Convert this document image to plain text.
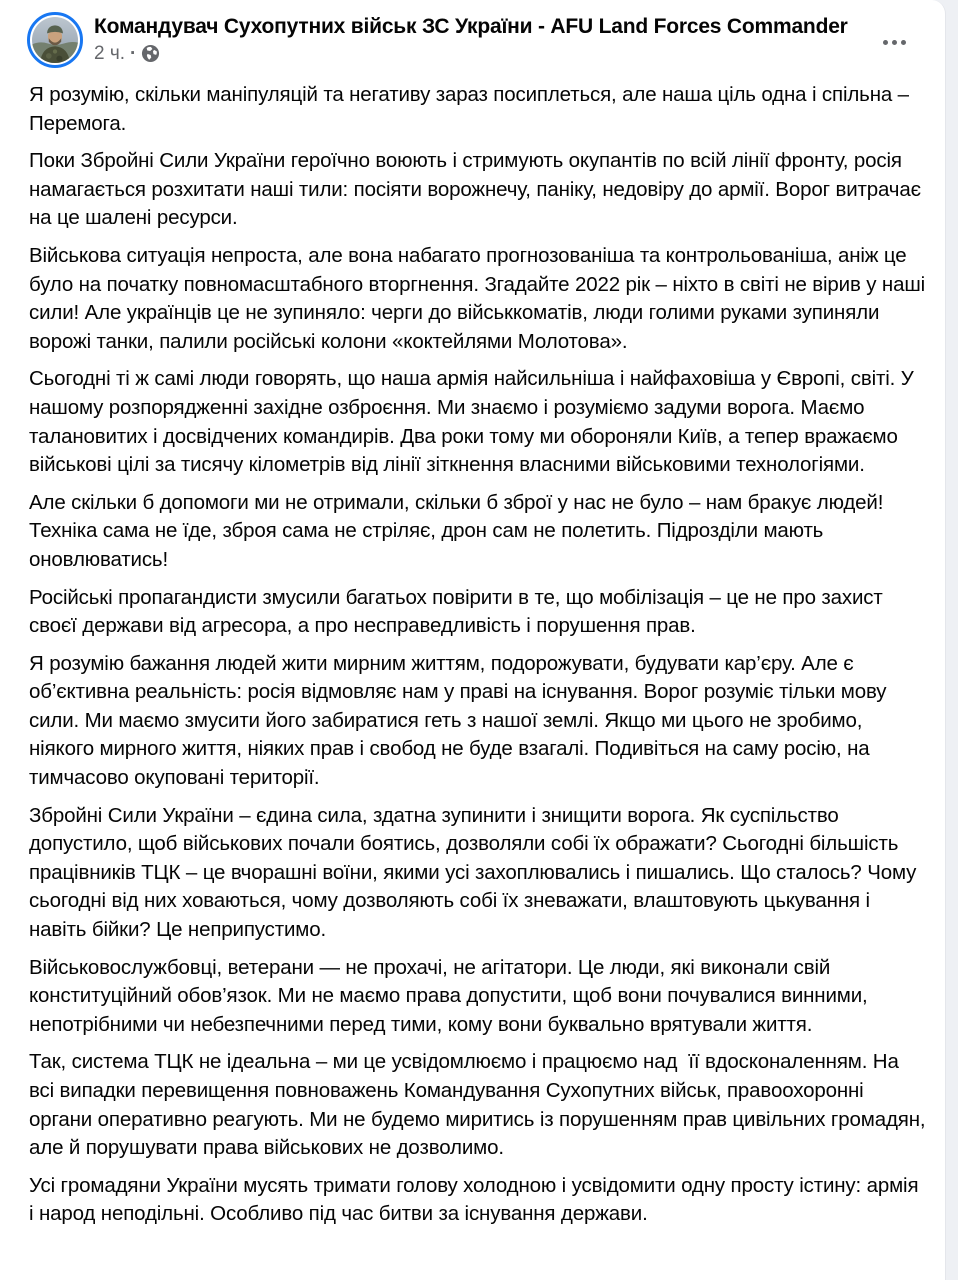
Командувач Сухопутних військ ЗС України - AFU Land Forces Commander
2 ч. ·

Я розумію, скільки маніпуляцій та негативу зараз посиплеться, але наша ціль одна і спільна – Перемога.

Поки Збройні Сили України героїчно воюють і стримують окупантів по всій лінії фронту, росія намагається розхитати наші тили: посіяти ворожнечу, паніку, недовіру до армії. Ворог витрачає на це шалені ресурси.

Військова ситуація непроста, але вона набагато прогнозованіша та контрольованіша, аніж це було на початку повномасштабного вторгнення. Згадайте 2022 рік – ніхто в світі не вірив у наші сили! Але українців це не зупиняло: черги до військкоматів, люди голими руками зупиняли ворожі танки, палили російські колони «коктейлями Молотова».

Сьогодні ті ж самі люди говорять, що наша армія найсильніша і найфаховіша у Європі, світі. У нашому розпорядженні західне озброєння. Ми знаємо і розуміємо задуми ворога. Маємо талановитих і досвідчених командирів. Два роки тому ми обороняли Київ, а тепер вражаємо військові цілі за тисячу кілометрів від лінії зіткнення власними військовими технологіями.

Але скільки б допомоги ми не отримали, скільки б зброї у нас не було – нам бракує людей! Техніка сама не їде, зброя сама не стріляє, дрон сам не полетить. Підрозділи мають оновлюватись!

Російські пропагандисти змусили багатьох повірити в те, що мобілізація – це не про захист своєї держави від агресора, а про несправедливість і порушення прав.

Я розумію бажання людей жити мирним життям, подорожувати, будувати кар’єру. Але є об’єктивна реальність: росія відмовляє нам у праві на існування. Ворог розуміє тільки мову сили. Ми маємо змусити його забиратися геть з нашої землі. Якщо ми цього не зробимо, ніякого мирного життя, ніяких прав і свобод не буде взагалі. Подивіться на саму росію, на тимчасово окуповані території.

Збройні Сили України – єдина сила, здатна зупинити і знищити ворога. Як суспільство допустило, щоб військових почали боятись, дозволяли собі їх ображати? Сьогодні більшість працівників ТЦК – це вчорашні воїни, якими усі захоплювались і пишались. Що сталось? Чому сьогодні від них ховаються, чому дозволяють собі їх зневажати, влаштовують цькування і навіть бійки? Це неприпустимо.

Військовослужбовці, ветерани — не прохачі, не агітатори. Це люди, які виконали свій конституційний обов’язок. Ми не маємо права допустити, щоб вони почувалися винними, непотрібними чи небезпечними перед тими, кому вони буквально врятували життя.

Так, система ТЦК не ідеальна – ми це усвідомлюємо і працюємо над  її вдосконаленням. На всі випадки перевищення повноважень Командування Сухопутних військ, правоохоронні органи оперативно реагують. Ми не будемо миритись із порушенням прав цивільних громадян, але й порушувати права військових не дозволимо.

Усі громадяни України мусять тримати голову холодною і усвідомити одну просту істину: армія і народ неподільні. Особливо під час битви за існування держави.
